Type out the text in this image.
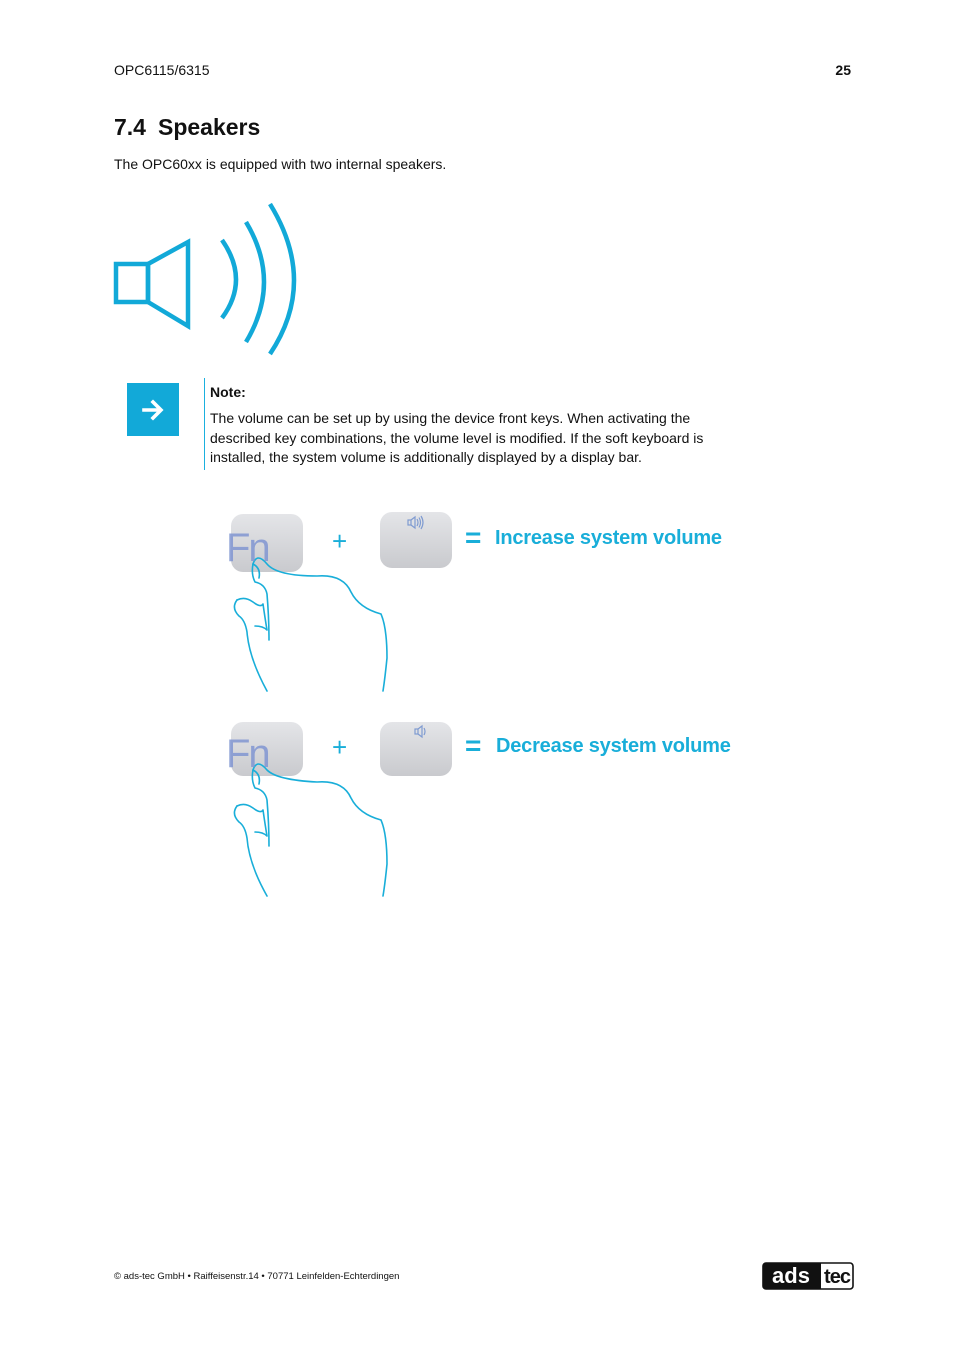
OPC6115/6315	25
7.4 Speakers
The OPC60xx is equipped with two internal speakers.
Note:
The volume can be set up by using the device front keys. When activating the described key combinations, the volume level is modified. If the soft keyboard is installed, the system volume is additionally displayed by a display bar.
Fn +	= Increase system volume
Fn +	= Decrease system volume
© ads-tec GmbH • Raiffeisenstr.14 • 70771 Leinfelden-Echterdingen	ads tec
